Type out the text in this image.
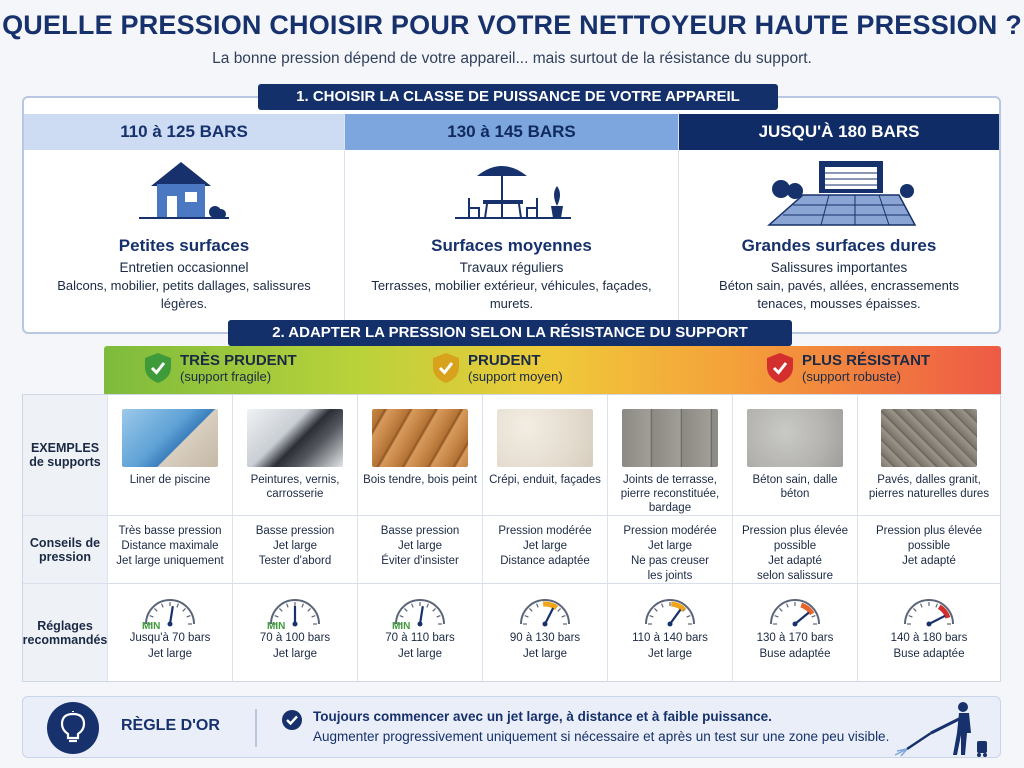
QUELLE PRESSION CHOISIR POUR VOTRE NETTOYEUR HAUTE PRESSION ?
La bonne pression dépend de votre appareil... mais surtout de la résistance du support.
110 à 125 BARS
Petites surfaces
Entretien occasionnel
Balcons, mobilier, petits dallages, salissures légères.
130 à 145 BARS
Surfaces moyennes
Travaux réguliers
Terrasses, mobilier extérieur, véhicules, façades, murets.
JUSQU'À 180 BARS
Grandes surfaces dures
Salissures importantes
Béton sain, pavés, allées, encrassements tenaces, mousses épaisses.
1. CHOISIR LA CLASSE DE PUISSANCE DE VOTRE APPAREIL
TRÈS PRUDENT
(support fragile)
PRUDENT
(support moyen)
PLUS RÉSISTANT
(support robuste)
2. ADAPTER LA PRESSION SELON LA RÉSISTANCE DU SUPPORT
EXEMPLES de supports
Conseils de pression
Réglages recommandés
Liner de piscine
Très basse pression
Distance maximale
Jet large uniquement
MIN
Jusqu'à 70 bars
Jet large
Peintures, vernis, carrosserie
Basse pression
Jet large
Tester d'abord
MIN
70 à 100 bars
Jet large
Bois tendre, bois peint
Basse pression
Jet large
Éviter d'insister
MIN
70 à 110 bars
Jet large
Crépi, enduit, façades
Pression modérée
Jet large
Distance adaptée
90 à 130 bars
Jet large
Joints de terrasse, pierre reconstituée, bardage
Pression modérée
Jet large
Ne pas creuser
les joints
110 à 140 bars
Jet large
Béton sain, dalle béton
Pression plus élevée
possible
Jet adapté
selon salissure
130 à 170 bars
Buse adaptée
Pavés, dalles granit, pierres naturelles dures
Pression plus élevée
possible
Jet adapté
140 à 180 bars
Buse adaptée
RÈGLE D'OR
Toujours commencer avec un jet large, à distance et à faible puissance.
Augmenter progressivement uniquement si nécessaire et après un test sur une zone peu visible.
